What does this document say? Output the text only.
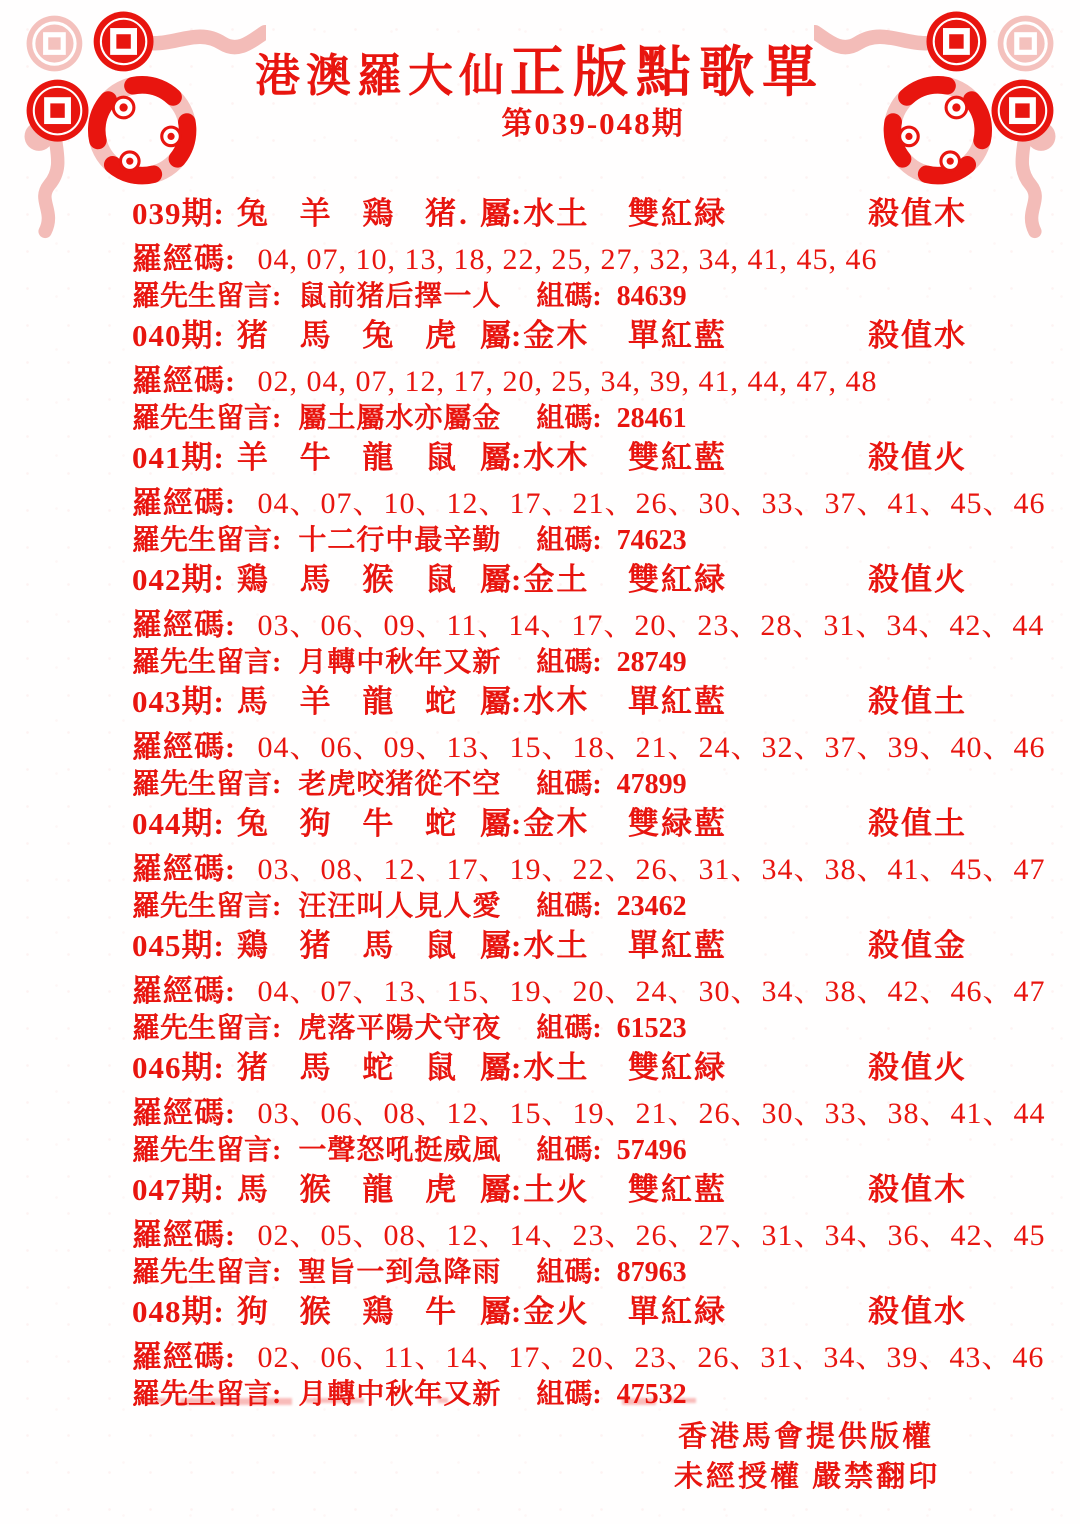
港澳羅大仙正版點歌單
第039-048期
039期: 兔 羊 鶏 猪. 屬:水土 雙紅緑	殺值木
羅經碼: 04, 07, 10, 13, 18, 22, 25, 27, 32, 34, 41, 45, 46
羅先生留言: 鼠前猪后擇一人 組碼: 84639
040期: 猪 馬 兔 虎 屬:金木 單紅藍	殺值水
羅經碼: 02, 04, 07, 12, 17, 20, 25, 34, 39, 41, 44, 47, 48
羅先生留言: 屬土屬水亦屬金 組碼: 28461
041期: 羊 牛 龍 鼠 屬:水木 雙紅藍	殺值火
羅經碼: 04、07、10、12、17、21、26、30、33、37、41、45、46
羅先生留言: 十二行中最辛勤 組碼: 74623
042期: 鶏 馬 猴 鼠 屬:金土 雙紅緑	殺值火
羅經碼: 03、06、09、11、14、17、20、23、28、31、34、42、44
羅先生留言: 月轉中秋年又新 組碼: 28749
043期: 馬 羊 龍 蛇 屬:水木 單紅藍	殺值土
羅經碼: 04、06、09、13、15、18、21、24、32、37、39、40、46
羅先生留言: 老虎咬猪從不空 組碼: 47899
044期: 兔 狗 牛 蛇 屬:金木 雙緑藍	殺值土
羅經碼: 03、08、12、17、19、22、26、31、34、38、41、45、47
羅先生留言: 汪汪叫人見人愛 組碼: 23462
045期: 鶏 猪 馬 鼠 屬:水土 單紅藍	殺值金
羅經碼: 04、07、13、15、19、20、24、30、34、38、42、46、47
羅先生留言: 虎落平陽犬守夜 組碼: 61523
046期: 猪 馬 蛇 鼠 屬:水土 雙紅緑	殺值火
羅經碼: 03、06、08、12、15、19、21、26、30、33、38、41、44
羅先生留言: 一聲怒吼挺威風 組碼: 57496
047期: 馬 猴 龍 虎 屬:土火 雙紅藍	殺值木
羅經碼: 02、05、08、12、14、23、26、27、31、34、36、42、45
羅先生留言: 聖旨一到急降雨 組碼: 87963
048期: 狗 猴 鶏 牛 屬:金火 單紅緑	殺值水
羅經碼: 02、06、11、14、17、20、23、26、31、34、39、43、46
羅先生留言: 月轉中秋年又新 組碼: 47532
香港馬會提供版權
未經授權 嚴禁翻印
